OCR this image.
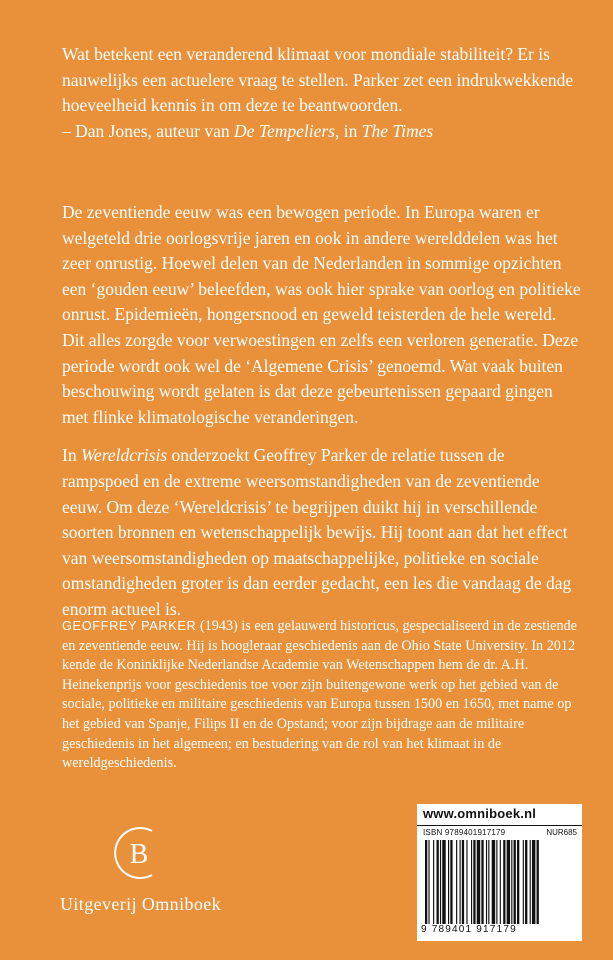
Wat betekent een veranderend klimaat voor mondiale stabiliteit? Er is nauwelijks een actuelere vraag te stellen. Parker zet een indrukwekkende hoeveelheid kennis in om deze te beantwoorden.

– Dan Jones, auteur van De Tempeliers, in The Times

De zeventiende eeuw was een bewogen periode. In Europa waren er welgeteld drie oorlogsvrije jaren en ook in andere werelddelen was het zeer onrustig. Hoewel delen van de Nederlanden in sommige opzichten een ‘gouden eeuw’ beleefden, was ook hier sprake van oorlog en politieke onrust. Epidemieën, hongersnood en geweld teisterden de hele wereld. Dit alles zorgde voor verwoestingen en zelfs een verloren generatie. Deze periode wordt ook wel de ‘Algemene Crisis’ genoemd. Wat vaak buiten beschouwing wordt gelaten is dat deze gebeurtenissen gepaard gingen met flinke klimatologische veranderingen.

In Wereldcrisis onderzoekt Geoffrey Parker de relatie tussen de rampspoed en de extreme weersomstandigheden van de zeventiende eeuw. Om deze ‘Wereldcrisis’ te begrijpen duikt hij in verschillende soorten bronnen en wetenschappelijk bewijs. Hij toont aan dat het effect van weersomstandigheden op maatschappelijke, politieke en sociale omstandigheden groter is dan eerder gedacht, een les die vandaag de dag enorm actueel is.

GEOFFREY PARKER (1943) is een gelauwerd historicus, gespecialiseerd in de zestiende en zeventiende eeuw. Hij is hoogleraar geschiedenis aan de Ohio State University. In 2012 kende de Koninklijke Nederlandse Academie van Wetenschappen hem de dr. A.H. Heinekenprijs voor geschiedenis toe voor zijn buitengewone werk op het gebied van de sociale, politieke en militaire geschiedenis van Europa tussen 1500 en 1650, met name op het gebied van Spanje, Filips II en de Opstand; voor zijn bijdrage aan de militaire geschiedenis in het algemeen; en bestudering van de rol van het klimaat in de wereldgeschiedenis.
B
Uitgeverij Omniboek
www.omniboek.nl
ISBN 9789401917179	NUR685
9 789401 917179
